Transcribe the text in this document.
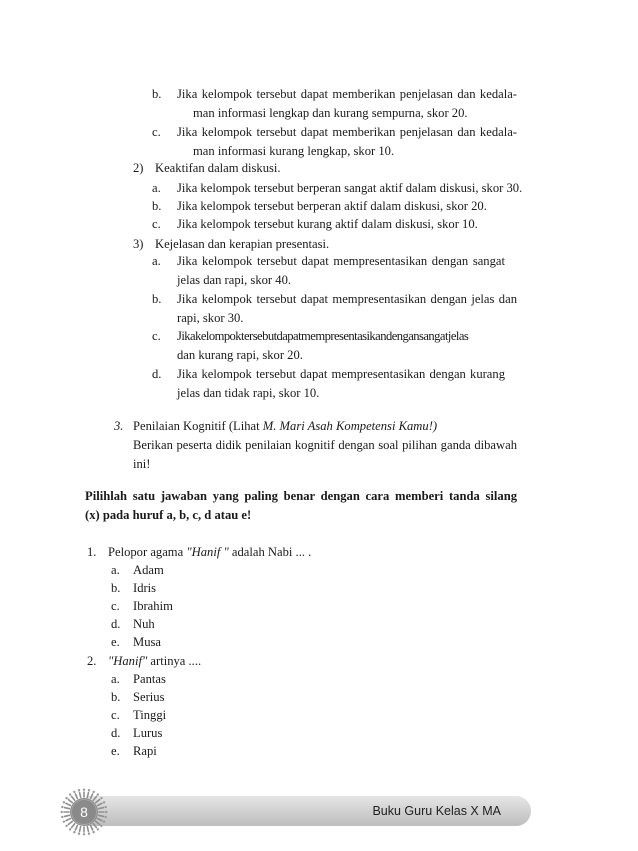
b. Jika kelompok tersebut dapat memberikan penjelasan dan kedala-
man informasi lengkap dan kurang sempurna, skor 20.
c. Jika kelompok tersebut dapat memberikan penjelasan dan kedala-
man informasi kurang lengkap, skor 10.
2) Keaktifan dalam diskusi.
a. Jika kelompok tersebut berperan sangat aktif dalam diskusi, skor 30.
b. Jika kelompok tersebut berperan aktif dalam diskusi, skor 20.
c. Jika kelompok tersebut kurang aktif dalam diskusi, skor 10.
3) Kejelasan dan kerapian presentasi.
a. Jika kelompok tersebut dapat mempresentasikan dengan sangat
jelas dan rapi, skor 40.
b. Jika kelompok tersebut dapat mempresentasikan dengan jelas dan
rapi, skor 30.
c. Jikakelompoktersebutdapatmempresentasikandengansangatjelas
dan kurang rapi, skor 20.
d. Jika kelompok tersebut dapat mempresentasikan dengan kurang
jelas dan tidak rapi, skor 10.
3. Penilaian Kognitif (Lihat M. Mari Asah Kompetensi Kamu!)
Berikan peserta didik penilaian kognitif dengan soal pilihan ganda dibawah
ini!
Pilihlah satu jawaban yang paling benar dengan cara memberi tanda silang
(x) pada huruf a, b, c, d atau e!
1. Pelopor agama "Hanif " adalah Nabi ... .
a. Adam
b. Idris
c. Ibrahim
d. Nuh
e. Musa
2. "Hanif" artinya ....
a. Pantas
b. Serius
c. Tinggi
d. Lurus
e. Rapi
Buku Guru Kelas X MA
8
